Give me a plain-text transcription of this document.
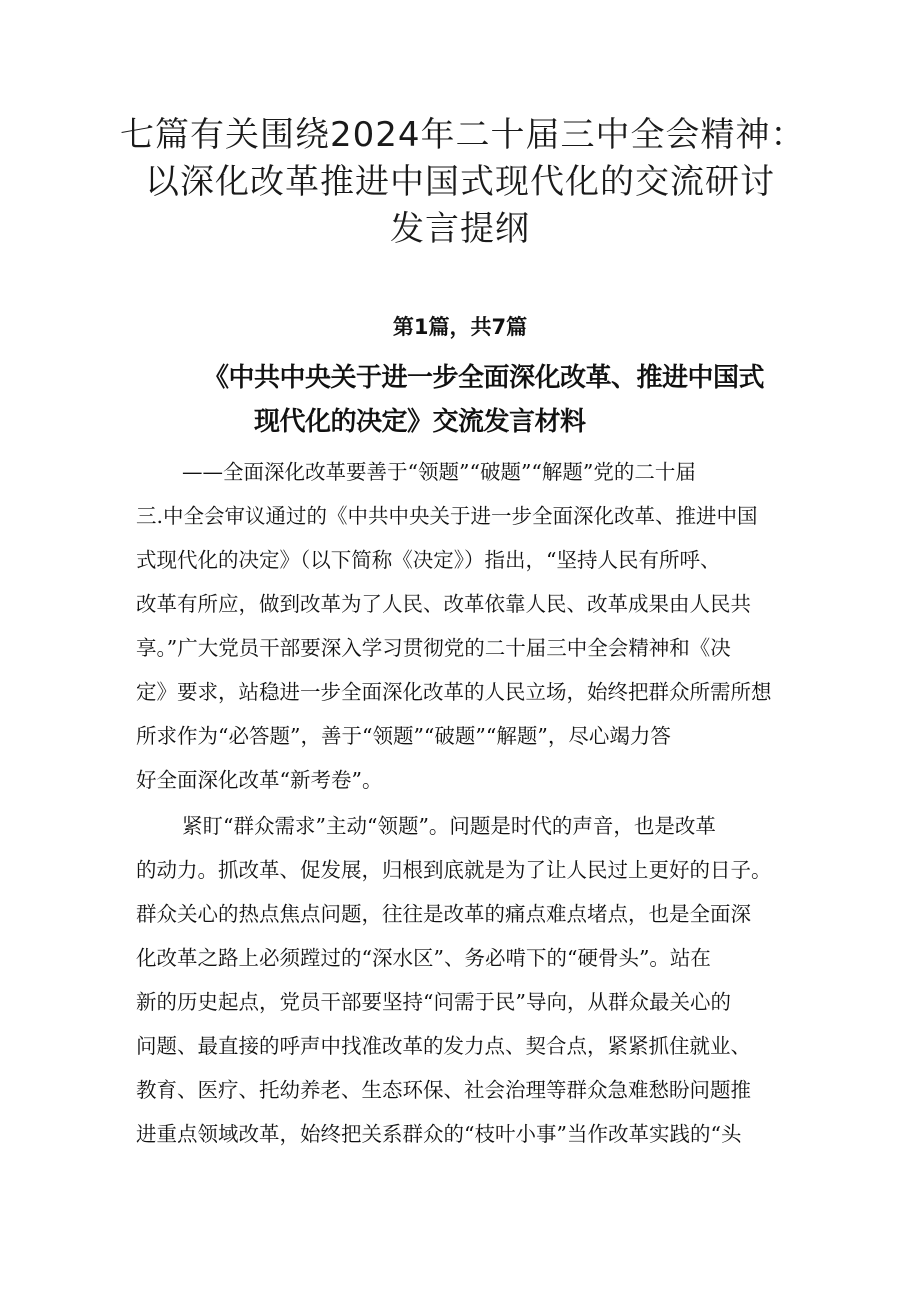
七篇有关围绕2024年二十届三中全会精神：
以深化改革推进中国式现代化的交流研讨
发言提纲

第1篇，共7篇

《中共中央关于进一步全面深化改革、推进中国式
现代化的决定》交流发言材料
——全面深化改革要善于“领题”“破题”“解题”党的二十届
三.中全会审议通过的《中共中央关于进一步全面深化改革、推进中国
式现代化的决定》（以下简称《决定》）指出，“坚持人民有所呼、
改革有所应，做到改革为了人民、改革依靠人民、改革成果由人民共
享。”广大党员干部要深入学习贯彻党的二十届三中全会精神和《决
定》要求，站稳进一步全面深化改革的人民立场，始终把群众所需所想
所求作为“必答题”，善于“领题”“破题”“解题”，尽心竭力答
好全面深化改革“新考卷”。
紧盯“群众需求”主动“领题”。问题是时代的声音，也是改革
的动力。抓改革、促发展，归根到底就是为了让人民过上更好的日子。
群众关心的热点焦点问题，往往是改革的痛点难点堵点，也是全面深
化改革之路上必须蹚过的“深水区”、务必啃下的“硬骨头”。站在
新的历史起点，党员干部要坚持“问需于民”导向，从群众最关心的
问题、最直接的呼声中找准改革的发力点、契合点，紧紧抓住就业、
教育、医疗、托幼养老、生态环保、社会治理等群众急难愁盼问题推
进重点领域改革，始终把关系群众的“枝叶小事”当作改革实践的“头
